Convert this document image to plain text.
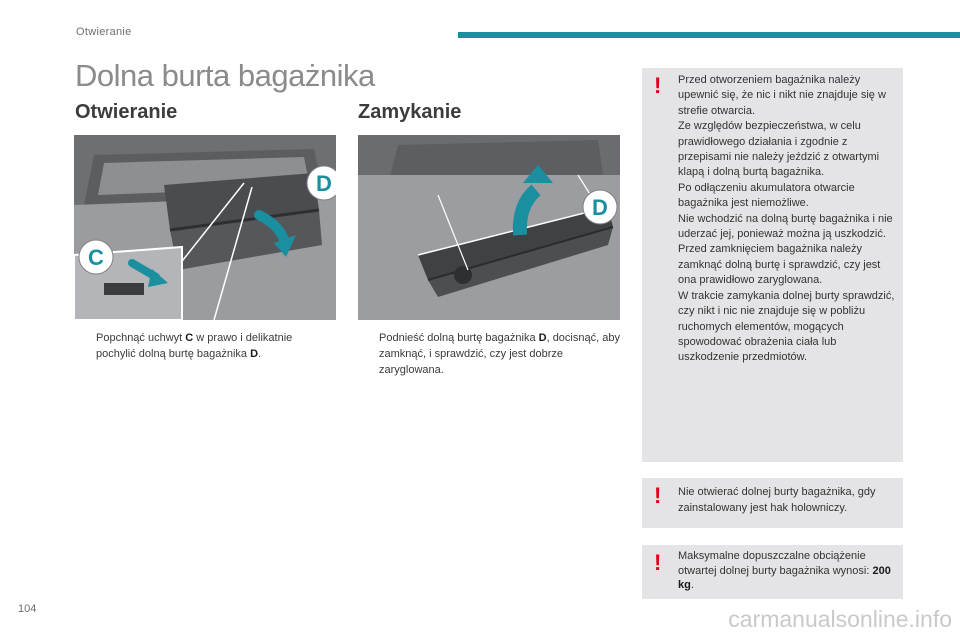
Otwieranie
Dolna burta bagażnika
Otwieranie
D
C
Popchnąć uchwyt C w prawo i delikatnie pochylić dolną burtę bagażnika D.
Zamykanie
D
Podnieść dolną burtę bagażnika D, docisnąć, aby zamknąć, i sprawdzić, czy jest dobrze zaryglowana.
! Przed otworzeniem bagażnika należy upewnić się, że nic i nikt nie znajduje się w strefie otwarcia.

Ze względów bezpieczeństwa, w celu prawidłowego działania i zgodnie z przepisami nie należy jeździć z otwartymi klapą i dolną burtą bagażnika.

Po odłączeniu akumulatora otwarcie bagażnika jest niemożliwe.

Nie wchodzić na dolną burtę bagażnika i nie uderzać jej, ponieważ można ją uszkodzić.

Przed zamknięciem bagażnika należy zamknąć dolną burtę i sprawdzić, czy jest ona prawidłowo zaryglowana.

W trakcie zamykania dolnej burty sprawdzić, czy nikt i nic nie znajduje się w pobliżu ruchomych elementów, mogących spowodować obrażenia ciała lub uszkodzenie przedmiotów.

! Nie otwierać dolnej burty bagażnika, gdy zainstalowany jest hak holowniczy.

! Maksymalne dopuszczalne obciążenie otwartej dolnej burty bagażnika wynosi: 200 kg.

104	carmanualsonline.info
